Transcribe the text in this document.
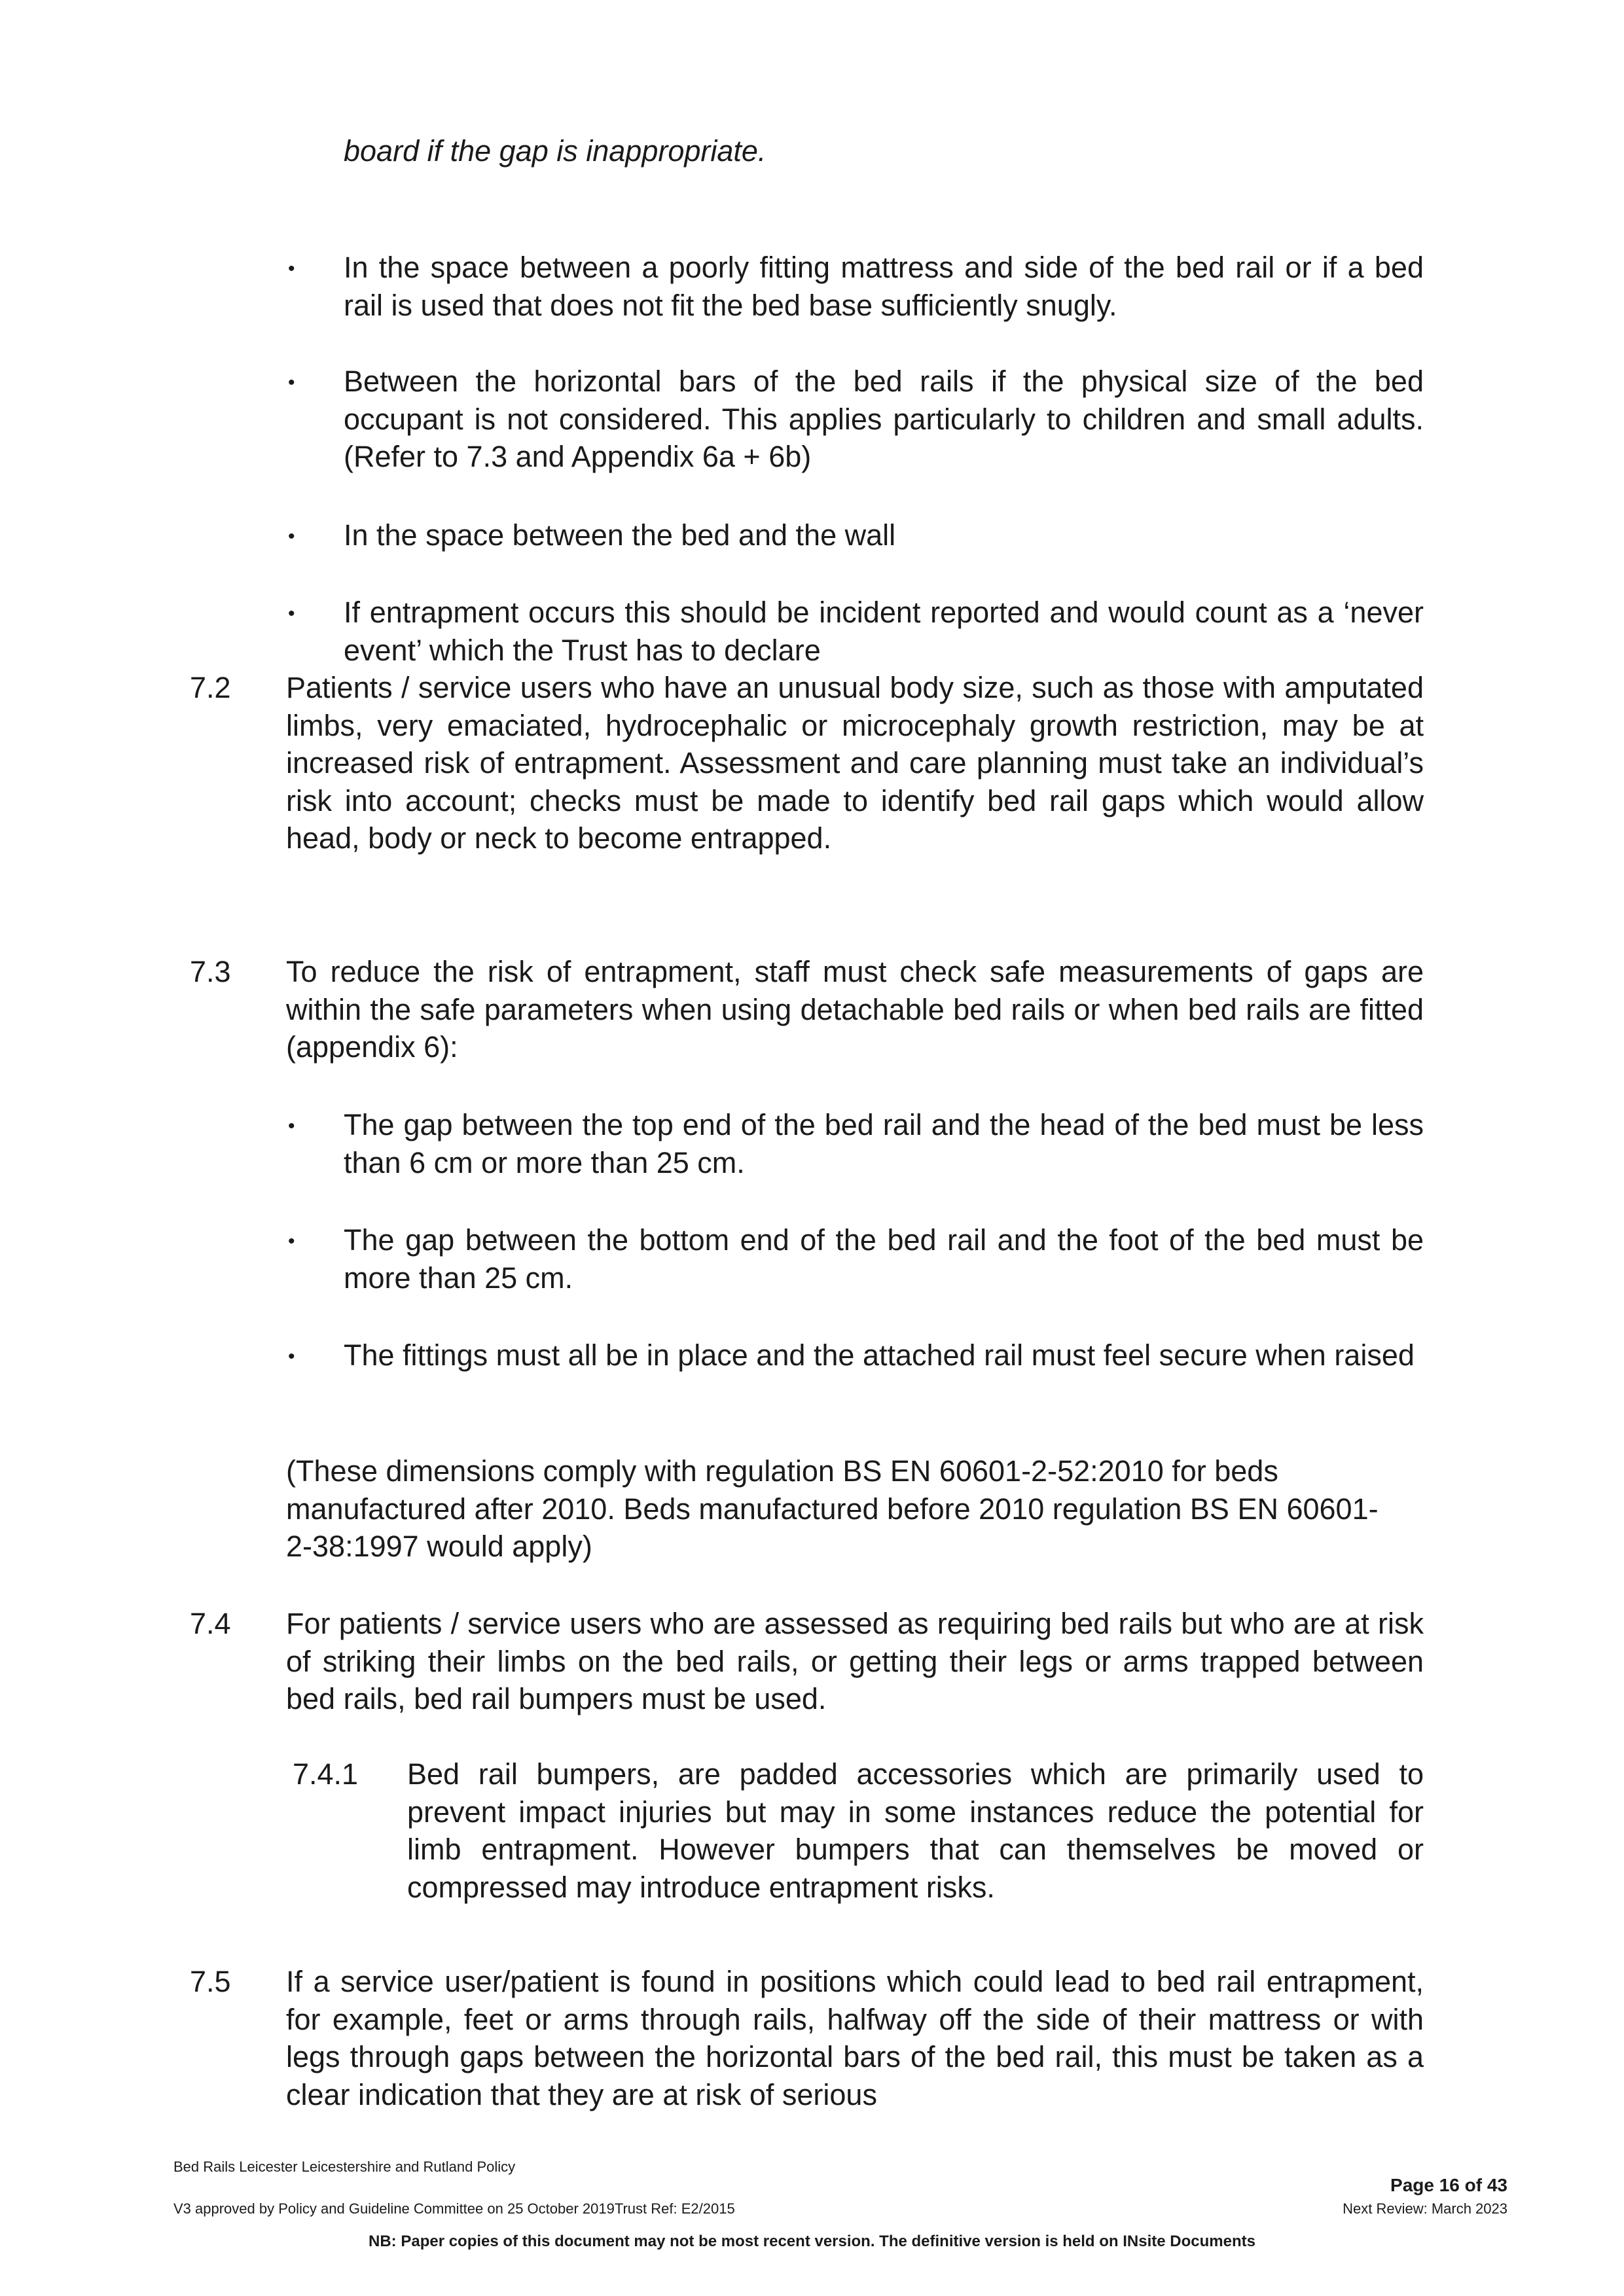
board if the gap is inappropriate.
• In the space between a poorly fitting mattress and side of the bed rail or if a bed rail is used that does not fit the bed base sufficiently snugly.
• Between the horizontal bars of the bed rails if the physical size of the bed occupant is not considered. This applies particularly to children and small adults. (Refer to 7.3 and Appendix 6a + 6b)
• In the space between the bed and the wall
• If entrapment occurs this should be incident reported and would count as a ‘never event’ which the Trust has to declare
7.2 Patients / service users who have an unusual body size, such as those with amputated limbs, very emaciated, hydrocephalic or microcephaly growth restriction, may be at increased risk of entrapment. Assessment and care planning must take an individual’s risk into account; checks must be made to identify bed rail gaps which would allow head, body or neck to become entrapped.
7.3 To reduce the risk of entrapment, staff must check safe measurements of gaps are within the safe parameters when using detachable bed rails or when bed rails are fitted (appendix 6):
• The gap between the top end of the bed rail and the head of the bed must be less than 6 cm or more than 25 cm.
• The gap between the bottom end of the bed rail and the foot of the bed must be more than 25 cm.
• The fittings must all be in place and the attached rail must feel secure when raised
(These dimensions comply with regulation BS EN 60601-2-52:2010 for beds manufactured after 2010. Beds manufactured before 2010 regulation BS EN 60601-2-38:1997 would apply)
7.4 For patients / service users who are assessed as requiring bed rails but who are at risk of striking their limbs on the bed rails, or getting their legs or arms trapped between bed rails, bed rail bumpers must be used.
7.4.1 Bed rail bumpers, are padded accessories which are primarily used to prevent impact injuries but may in some instances reduce the potential for limb entrapment. However bumpers that can themselves be moved or compressed may introduce entrapment risks.
7.5 If a service user/patient is found in positions which could lead to bed rail entrapment, for example, feet or arms through rails, halfway off the side of their mattress or with legs through gaps between the horizontal bars of the bed rail, this must be taken as a clear indication that they are at risk of serious
Bed Rails Leicester Leicestershire and Rutland Policy
Page 16 of 43
V3 approved by Policy and Guideline Committee on 25 October 2019Trust Ref: E2/2015	Next Review: March 2023
NB: Paper copies of this document may not be most recent version. The definitive version is held on INsite Documents
